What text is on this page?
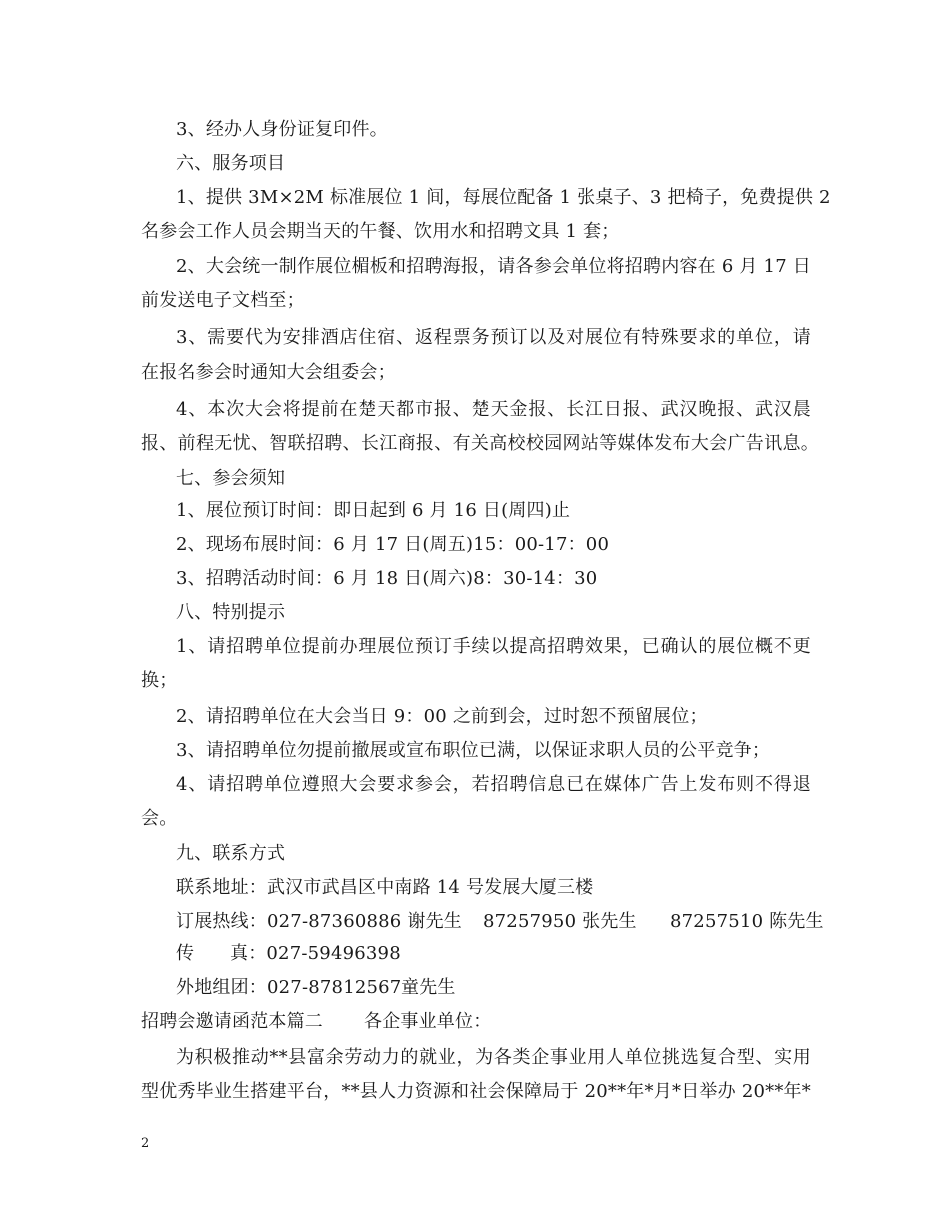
3、经办人身份证复印件。
六、服务项目
1、提供 3M×2M 标准展位 1 间，每展位配备 1 张桌子、3 把椅子，免费提供 2
名参会工作人员会期当天的午餐、饮用水和招聘文具 1 套；
2、大会统一制作展位楣板和招聘海报，请各参会单位将招聘内容在 6 月 17 日
前发送电子文档至；
3、需要代为安排酒店住宿、返程票务预订以及对展位有特殊要求的单位，请
在报名参会时通知大会组委会；
4、本次大会将提前在楚天都市报、楚天金报、长江日报、武汉晚报、武汉晨
报、前程无忧、智联招聘、长江商报、有关高校校园网站等媒体发布大会广告讯息。
七、参会须知
1、展位预订时间：即日起到 6 月 16 日(周四)止
2、现场布展时间：6 月 17 日(周五)15：00-17：00
3、招聘活动时间：6 月 18 日(周六)8：30-14：30
八、特别提示
1、请招聘单位提前办理展位预订手续以提高招聘效果，已确认的展位概不更
换；
2、请招聘单位在大会当日 9：00 之前到会，过时恕不预留展位；
3、请招聘单位勿提前撤展或宣布职位已满，以保证求职人员的公平竞争；
4、请招聘单位遵照大会要求参会，若招聘信息已在媒体广告上发布则不得退
会。
九、联系方式
联系地址：武汉市武昌区中南路 14 号发展大厦三楼
订展热线：027-87360886 谢先生 87257950 张先生 87257510 陈先生
传 真：027-59496398
外地组团：027-87812567 童先生
招聘会邀请函范本篇二 各企事业单位：
为积极推动**县富余劳动力的就业，为各类企事业用人单位挑选复合型、实用
型优秀毕业生搭建平台，**县人力资源和社会保障局于 20**年*月*日举办 20**年*
2
